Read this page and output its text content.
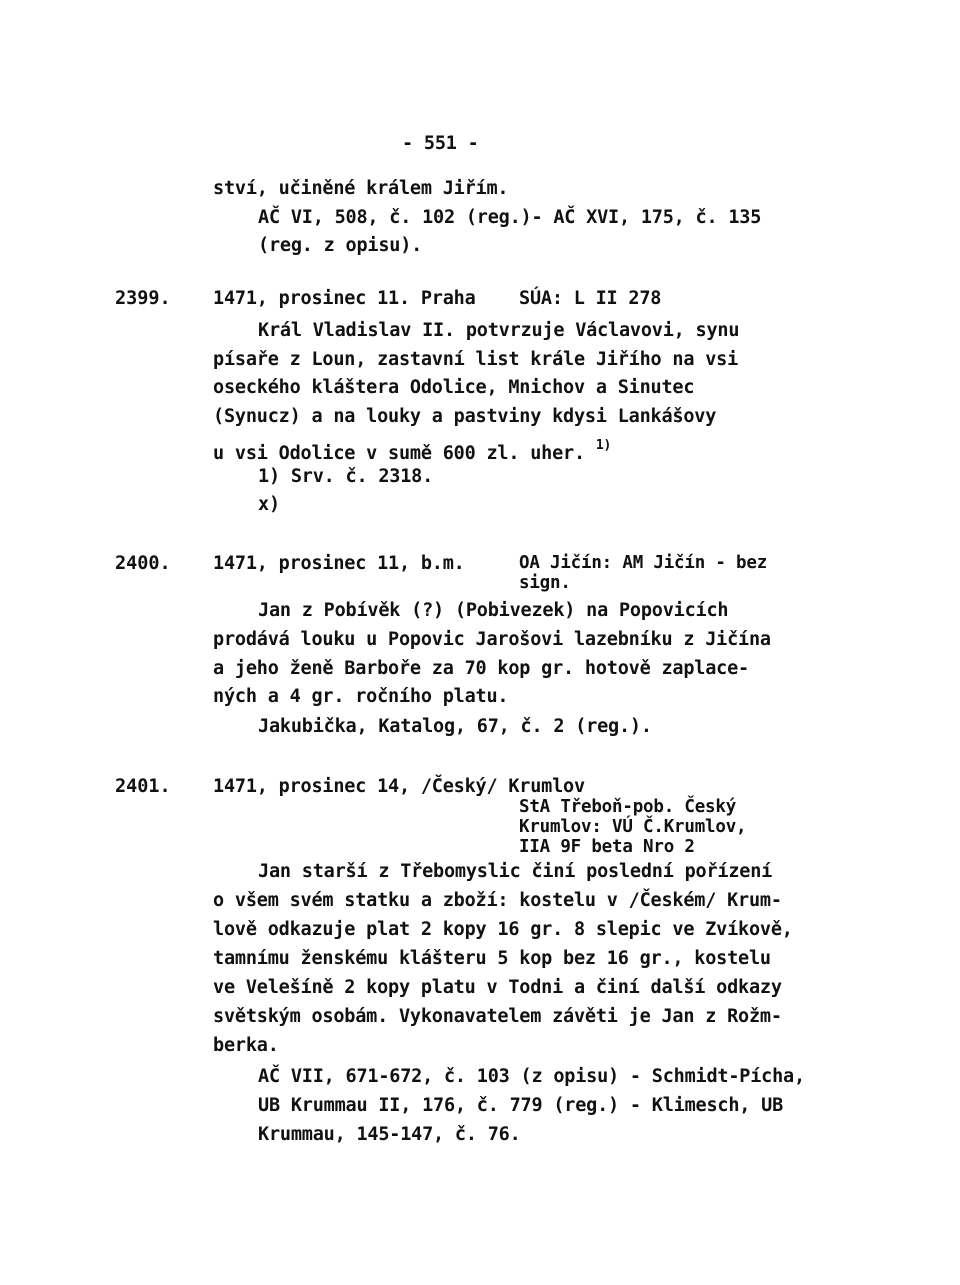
- 551 -
ství, učiněné králem Jiřím.
AČ VI, 508, č. 102 (reg.)- AČ XVI, 175, č. 135
(reg. z opisu).
2399. 1471, prosinec 11. Praha SÚA: L II 278
Král Vladislav II. potvrzuje Václavovi, synu
písaře z Loun, zastavní list krále Jiřího na vsi
oseckého kláštera Odolice, Mnichov a Sinutec
(Synucz) a na louky a pastviny kdysi Lankášovy
u vsi Odolice v sumě 600 zl. uher. $^{1)}$
1) Srv. č. 2318.
x)
2400. 1471, prosinec 11, b.m.	OA Jičín: AM Jičín - bez
sign.
Jan z Pobívěk (?) (Pobivezek) na Popovicích
prodává louku u Popovic Jarošovi lazebníku z Jičína
a jeho ženě Barboře za 70 kop gr. hotově zaplace-
ných a 4 gr. ročního platu.
Jakubička, Katalog, 67, č. 2 (reg.).
2401. 1471, prosinec 14, /Český/ Krumlov
StA Třeboň-pob. Český
Krumlov: VÚ Č.Krumlov,
IIA 9F beta Nro 2
Jan starší z Třebomyslic činí poslední pořízení
o všem svém statku a zboží: kostelu v /Českém/ Krum-
lově odkazuje plat 2 kopy 16 gr. 8 slepic ve Zvíkově,
tamnímu ženskému klášteru 5 kop bez 16 gr., kostelu
ve Velešíně 2 kopy platu v Todni a činí další odkazy
světským osobám. Vykonavatelem závěti je Jan z Rožm-
berka.
AČ VII, 671-672, č. 103 (z opisu) - Schmidt-Pícha,
UB Krummau II, 176, č. 779 (reg.) - Klimesch, UB
Krummau, 145-147, č. 76.
